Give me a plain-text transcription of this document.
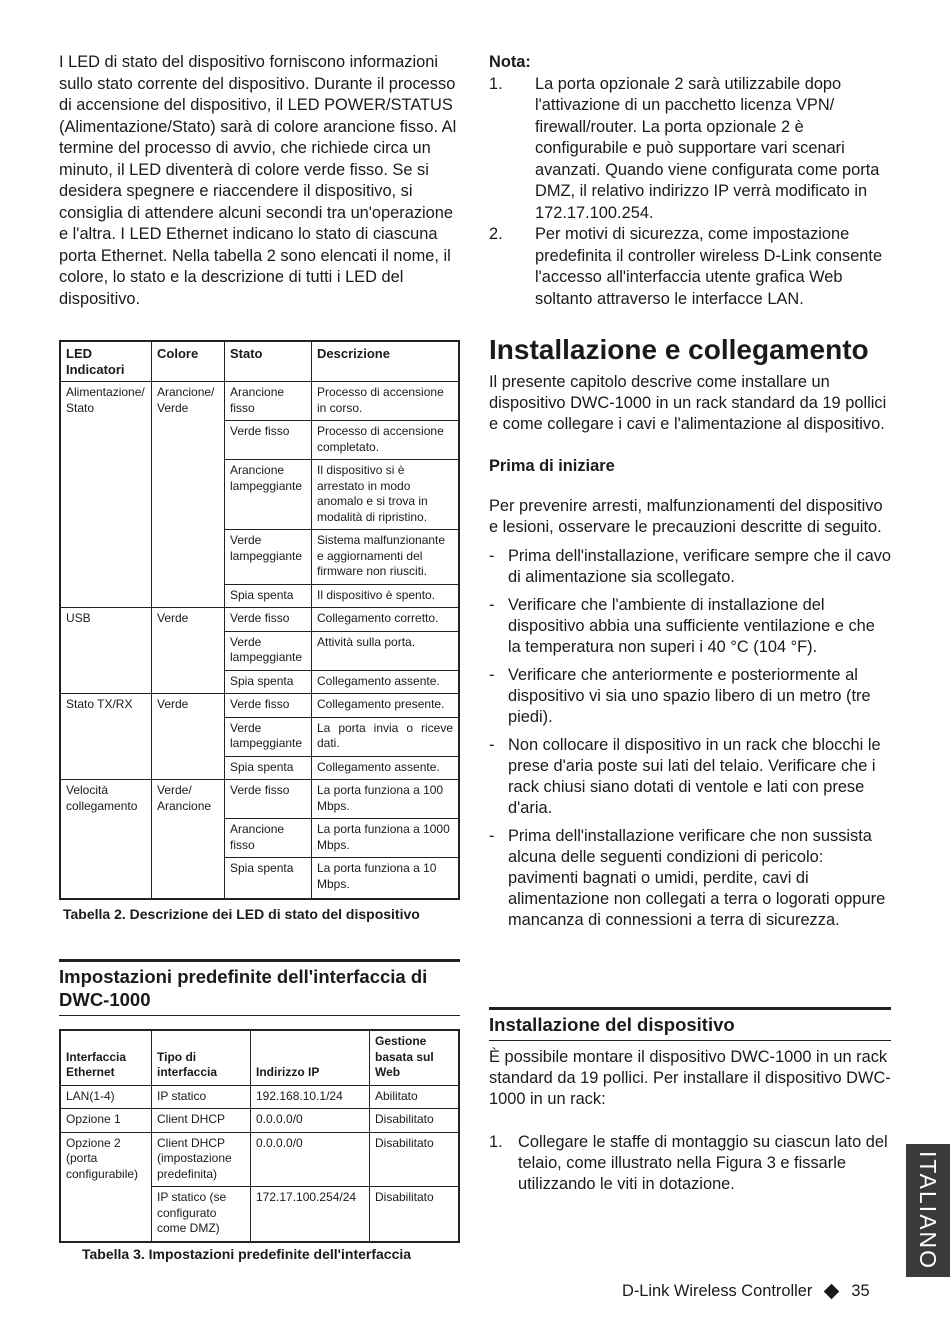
I LED di stato del dispositivo forniscono informazioni sullo stato corrente del dispositivo. Durante il processo di accensione del dispositivo, il LED POWER/STATUS (Alimentazione/Stato) sarà di colore arancione fisso. Al termine del processo di avvio, che richiede circa un minuto, il LED diventerà di colore verde fisso. Se si desidera spegnere e riaccendere il dispositivo, si consiglia di attendere alcuni secondi tra un'operazione e l'altra. I LED Ethernet indicano lo stato di ciascuna porta Ethernet. Nella tabella 2 sono elencati il nome, il colore, lo stato e la descrizione di tutti i LED del dispositivo.

LED Indicatori	Colore	Stato	Descrizione
Alimentazione/ Stato	Arancione/ Verde	Arancione fisso	Processo di accensione in corso.
		Verde fisso	Processo di accensione completato.
		Arancione lampeggiante	Il dispositivo si è arrestato in modo anomalo e si trova in modalità di ripristino.
		Verde lampeggiante	Sistema malfunzionante e aggiornamenti del firmware non riusciti.
		Spia spenta	Il dispositivo è spento.
USB	Verde	Verde fisso	Collegamento corretto.
		Verde lampeggiante	Attività sulla porta.
		Spia spenta	Collegamento assente.
Stato TX/RX	Verde	Verde fisso	Collegamento presente.
		Verde lampeggiante	La porta invia o riceve dati.
		Spia spenta	Collegamento assente.
Velocità collegamento	Verde/ Arancione	Verde fisso	La porta funziona a 100 Mbps.
		Arancione fisso	La porta funziona a 1000 Mbps.
		Spia spenta	La porta funziona a 10 Mbps.
Tabella 2. Descrizione dei LED di stato del dispositivo
Impostazioni predefinite dell'interfaccia di DWC-1000
Interfaccia Ethernet	Tipo di interfaccia	Indirizzo IP	Gestione basata sul Web
LAN(1-4)	IP statico	192.168.10.1/24	Abilitato
Opzione 1	Client DHCP	0.0.0.0/0	Disabilitato
Opzione 2 (porta configurabile)	Client DHCP (impostazione predefinita)	0.0.0.0/0	Disabilitato
	IP statico (se configurato come DMZ)	172.17.100.254/24	Disabilitato
Tabella 3. Impostazioni predefinite dell'interfaccia
Nota:
1. La porta opzionale 2 sarà utilizzabile dopo l'attivazione di un pacchetto licenza VPN/ firewall/router. La porta opzionale 2 è configurabile e può supportare vari scenari avanzati. Quando viene configurata come porta DMZ, il relativo indirizzo IP verrà modificato in 172.17.100.254.
2. Per motivi di sicurezza, come impostazione predefinita il controller wireless D-Link consente l'accesso all'interfaccia utente grafica Web soltanto attraverso le interfacce LAN.
Installazione e collegamento

Il presente capitolo descrive come installare un dispositivo DWC-1000 in un rack standard da 19 pollici e come collegare i cavi e l'alimentazione al dispositivo.

Prima di iniziare

Per prevenire arresti, malfunzionamenti del dispositivo e lesioni, osservare le precauzioni descritte di seguito.

- Prima dell'installazione, verificare sempre che il cavo di alimentazione sia scollegato.
- Verificare che l'ambiente di installazione del dispositivo abbia una sufficiente ventilazione e che la temperatura non superi i 40 °C (104 °F).
- Verificare che anteriormente e posteriormente al dispositivo vi sia uno spazio libero di un metro (tre piedi).
- Non collocare il dispositivo in un rack che blocchi le prese d'aria poste sui lati del telaio. Verificare che i rack chiusi siano dotati di ventole e lati con prese d'aria.
- Prima dell'installazione verificare che non sussista alcuna delle seguenti condizioni di pericolo: pavimenti bagnati o umidi, perdite, cavi di alimentazione non collegati a terra o logorati oppure mancanza di connessioni a terra di sicurezza.
Installazione del dispositivo

È possibile montare il dispositivo DWC-1000 in un rack standard da 19 pollici. Per installare il dispositivo DWC-1000 in un rack:

1. Collegare le staffe di montaggio su ciascun lato del telaio, come illustrato nella Figura 3 e fissarle utilizzando le viti in dotazione.	ITALIANO
D-Link Wireless Controller 35
